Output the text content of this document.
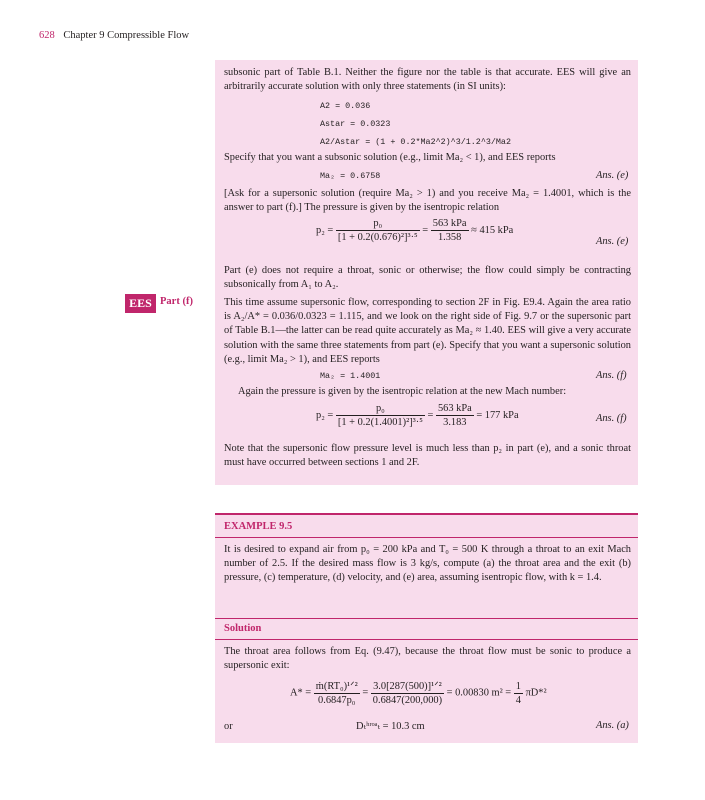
628 Chapter 9 Compressible Flow
subsonic part of Table B.1. Neither the figure nor the table is that accurate. EES will give an arbitrarily accurate solution with only three statements (in SI units):
A2 = 0.036
Astar = 0.0323
A2/Astar = (1 + 0.2*Ma2^2)^3/1.2^3/Ma2
Specify that you want a subsonic solution (e.g., limit Ma₂ < 1), and EES reports
Ma₂ = 0.6758	Ans. (e)
[Ask for a supersonic solution (require Ma₂ > 1) and you receive Ma₂ = 1.4001, which is the answer to part (f).] The pressure is given by the isentropic relation
$p_2 = \frac{\text{p₀}}{\text{[1 + 0.2(0.676)²]³·⁵}} = \frac{\text{563 kPa}}{1.358} \approx 415$ kPa
Ans. (e)
Part (e) does not require a throat, sonic or otherwise; the flow could simply be contracting subsonically from A₁ to A₂.
EES Part (f)	This time assume supersonic flow, corresponding to section 2F in Fig. E9.4. Again the area ratio is A₂/A* = 0.036/0.0323 = 1.115, and we look on the right side of Fig. 9.7 or the supersonic part of Table B.1—the latter can be read quite accurately as Ma₂ ≈ 1.40. EES will give a very accurate solution with the same three statements from part (e). Specify that you want a supersonic solution (e.g., limit Ma₂ > 1), and EES reports
Ma₂ = 1.4001	Ans. (f)
Again the pressure is given by the isentropic relation at the new Mach number:
$p_2 = \frac{\text{p₀}}{\text{[1 + 0.2(1.4001)²]³·⁵}} = \frac{\text{563 kPa}}{3.183} = 177$ kPa	Ans. (f)
Note that the supersonic flow pressure level is much less than p₂ in part (e), and a sonic throat must have occurred between sections 1 and 2F.
EXAMPLE 9.5
It is desired to expand air from p₀ = 200 kPa and T₀ = 500 K through a throat to an exit Mach number of 2.5. If the desired mass flow is 3 kg/s, compute (a) the throat area and the exit (b) pressure, (c) temperature, (d) velocity, and (e) area, assuming isentropic flow, with k = 1.4.
Solution
The throat area follows from Eq. (9.47), because the throat flow must be sonic to produce a supersonic exit:
$A* = \frac{\text{ṁ(RT₀)¹ᐟ²}}{\text{0.6847p₀}} = \frac{\text{3.0[287(500)]¹ᐟ²}}{0.6847(200,000)} = 0.00830$ $m^2 = \frac{1}{4} \pi D*^2$
or	Dₜʰʳᵒᵃₜ = 10.3 cm	Ans. (a)
